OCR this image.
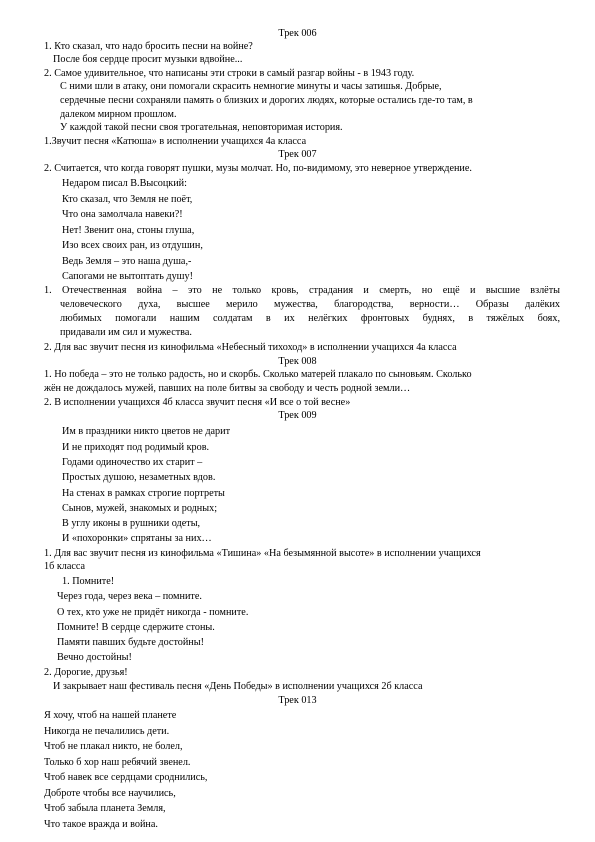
Трек 006
1. Кто сказал, что надо бросить песни на войне?
После боя сердце просит музыки вдвойне...
2. Самое удивительное, что написаны эти строки в самый разгар войны - в 1943 году.
С ними шли в атаку, они помогали скрасить немногие минуты и часы затишья. Добрые,
сердечные песни сохраняли память о близких и дорогих людях, которые остались где-то там, в
далеком мирном прошлом.
У каждой такой песни своя трогательная, неповторимая история.
1.Звучит песня «Катюша» в исполнении учащихся 4а класса
Трек 007
2. Считается, что когда говорят пушки, музы молчат. Но, по-видимому, это неверное утверждение.
Недаром писал В.Высоцкий:
Кто сказал, что Земля не поёт,
Что она замолчала навеки?!
Нет! Звенит она, стоны глуша,
Изо всех своих ран, из отдушин,
Ведь Земля – это наша душа,-
Сапогами не вытоптать душу!
1. Отечественная война – это не только кровь, страдания и смерть, но ещё и высшие взлёты
человеческого духа, высшее мерило мужества, благородства, верности… Образы далёких
любимых помогали нашим солдатам в их нелёгких фронтовых буднях, в тяжёлых боях,
придавали им сил и мужества.
2. Для вас звучит песня из кинофильма «Небесный тихоход» в исполнении учащихся 4а класса
Трек 008
1. Но победа – это не только радость, но и скорбь. Сколько матерей плакало по сыновьям. Сколько
жён не дождалось мужей, павших на поле битвы за свободу и честь родной земли…
2. В исполнении учащихся 4б класса звучит песня «И все о той весне»
Трек 009
Им в праздники никто цветов не дарит
И не приходят под родимый кров.
Годами одиночество их старит –
Простых душою, незаметных вдов.
На стенах в рамках строгие портреты
Сынов, мужей, знакомых и родных;
В углу иконы в рушники одеты,
И «похоронки» спрятаны за них…
1. Для вас звучит песня из кинофильма «Тишина» «На безымянной высоте» в исполнении учащихся
1б класса
1. Помните!
Через года, через века – помните.
О тех, кто уже не придёт никогда - помните.
Помните! В сердце сдержите стоны.
Памяти павших будьте достойны!
Вечно достойны!
2. Дорогие, друзья!
И закрывает наш фестиваль песня «День Победы» в исполнении учащихся 2б класса
Трек 013
Я хочу, чтоб на нашей планете
Никогда не печалились дети.
Чтоб не плакал никто, не болел,
Только б хор наш ребячий звенел.
Чтоб навек все сердцами сроднились,
Доброте чтобы все научились,
Чтоб забыла планета Земля,
Что такое вражда и война.
